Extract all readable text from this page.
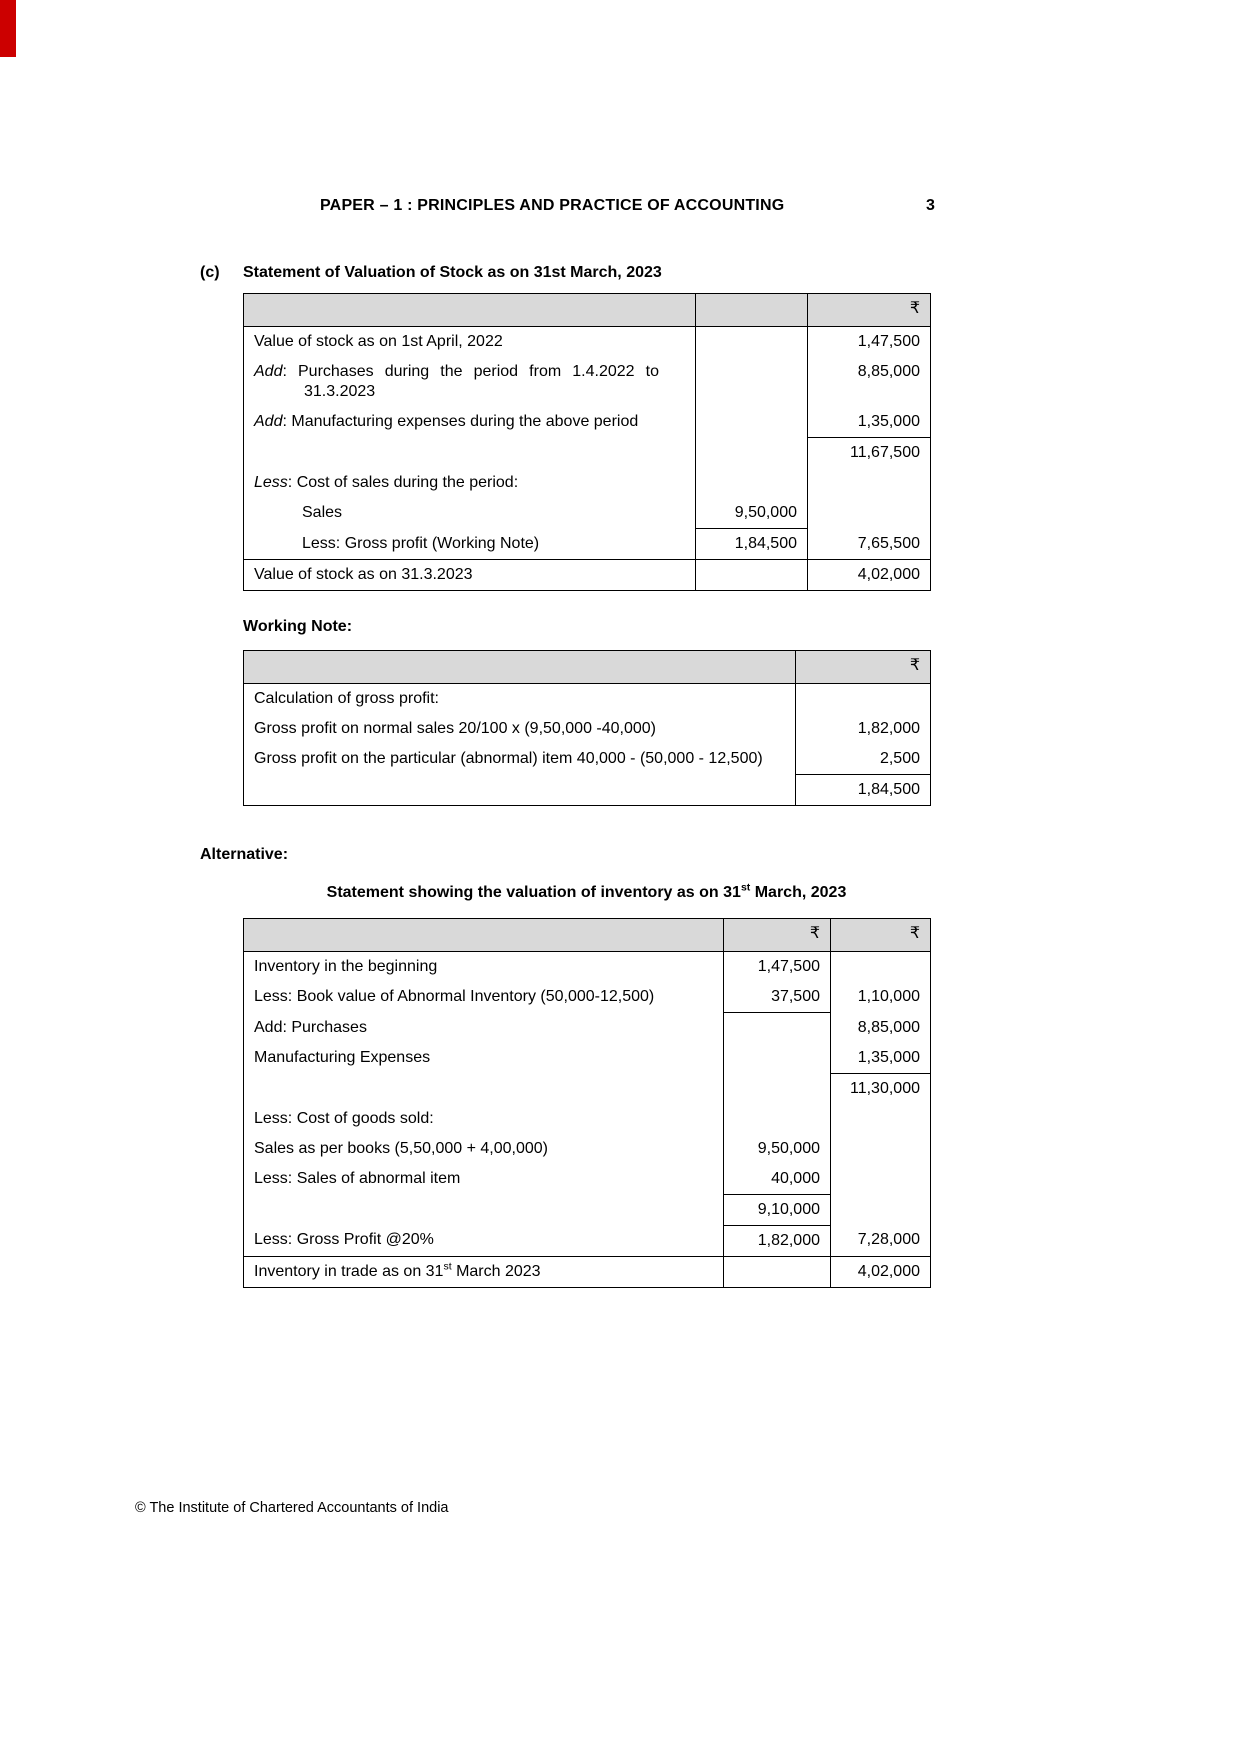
PAPER – 1 : PRINCIPLES AND PRACTICE OF ACCOUNTING	3
(c)	Statement of Valuation of Stock as on 31st March, 2023
		₹
Value of stock as on 1st April, 2022		1,47,500

Add: Purchases during the period from 1.4.2022 to 31.3.2023		8,85,000
Add: Manufacturing expenses during the above period		1,35,000
		11,67,500
Less: Cost of sales during the period:		
Sales	9,50,000	
Less: Gross profit (Working Note)	1,84,500	7,65,500
Value of stock as on 31.3.2023		4,02,000
Working Note:
	₹
Calculation of gross profit:	
Gross profit on normal sales 20/100 x (9,50,000 -40,000)	1,82,000

Gross profit on the particular (abnormal) item 40,000 - (50,000 - 12,500)	2,500
	1,84,500
Alternative:
Statement showing the valuation of inventory as on 31st March, 2023
	₹	₹
Inventory in the beginning	1,47,500	
Less: Book value of Abnormal Inventory (50,000-12,500)	37,500	1,10,000
Add: Purchases		8,85,000
Manufacturing Expenses		1,35,000
		11,30,000
Less: Cost of goods sold:		
Sales as per books (5,50,000 + 4,00,000)	9,50,000	
Less: Sales of abnormal item	40,000	
	9,10,000	
Less: Gross Profit @20%	1,82,000	7,28,000
Inventory in trade as on 31st March 2023		4,02,000
© The Institute of Chartered Accountants of India
